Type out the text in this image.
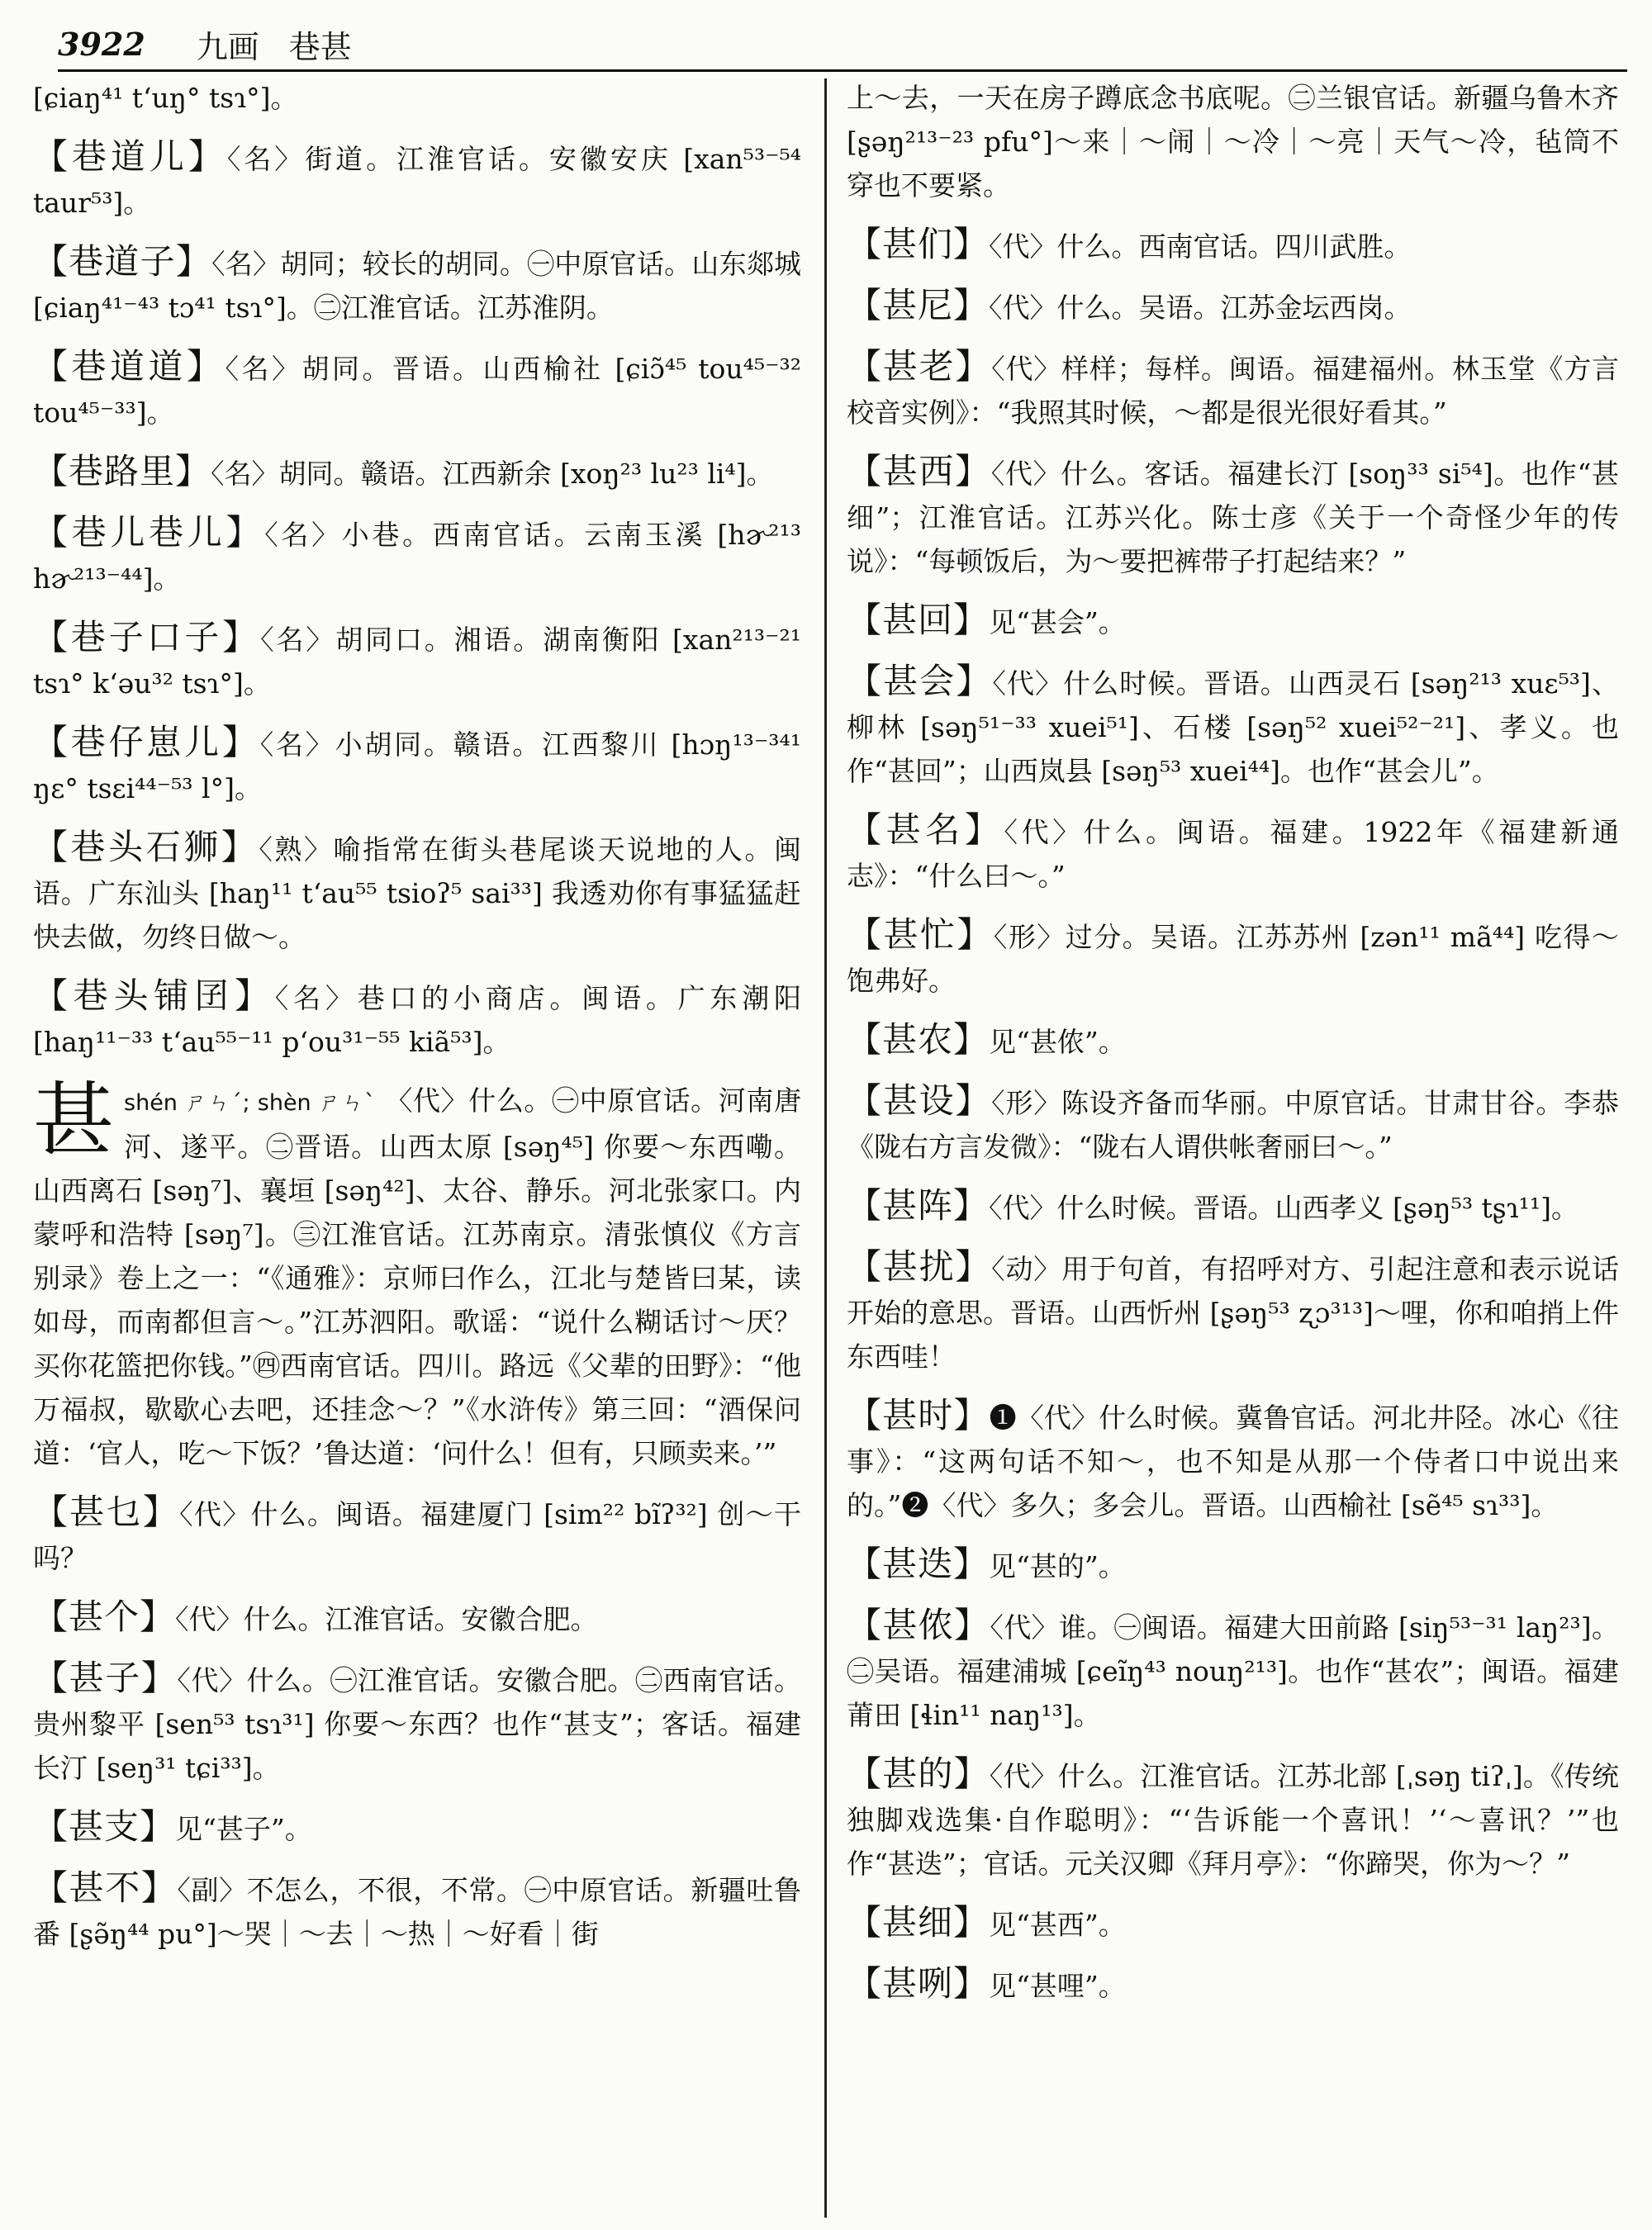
3922 九画 巷甚

[ɕiaŋ⁴¹ t‘uŋ° tsɿ°]。

【巷道儿】〈名〉街道。江淮官话。安徽安庆 [xan⁵³⁻⁵⁴ taur⁵³]。

【巷道子】〈名〉胡同；较长的胡同。㊀中原官话。山东郯城 [ɕiaŋ⁴¹⁻⁴³ tɔ⁴¹ tsɿ°]。㊁江淮官话。江苏淮阴。

【巷道道】〈名〉胡同。晋语。山西榆社 [ɕiɔ̃⁴⁵ tou⁴⁵⁻³² tou⁴⁵⁻³³]。

【巷路里】〈名〉胡同。赣语。江西新余 [xoŋ²³ lu²³ li⁴]。

【巷儿巷儿】〈名〉小巷。西南官话。云南玉溪 [hɚ²¹³ hɚ²¹³⁻⁴⁴]。

【巷子口子】〈名〉胡同口。湘语。湖南衡阳 [xan²¹³⁻²¹ tsɿ° k‘əu³² tsɿ°]。

【巷仔崽儿】〈名〉小胡同。赣语。江西黎川 [hɔŋ¹³⁻³⁴¹ ŋɛ° tsɛi⁴⁴⁻⁵³ l°]。

【巷头石狮】〈熟〉喻指常在街头巷尾谈天说地的人。闽语。广东汕头 [haŋ¹¹ t‘au⁵⁵ tsioʔ⁵ sai³³] 我透劝你有事猛猛赶快去做，勿终日做～。

【巷头铺囝】〈名〉巷口的小商店。闽语。广东潮阳 [haŋ¹¹⁻³³ t‘au⁵⁵⁻¹¹ p‘ou³¹⁻⁵⁵ kiã⁵³]。

甚shén ㄕㄣˊ; shèn ㄕㄣˋ 〈代〉什么。㊀中原官话。河南唐河、遂平。㊁晋语。山西太原 [səŋ⁴⁵] 你要～东西嘞。山西离石 [səŋ⁷]、襄垣 [səŋ⁴²]、太谷、静乐。河北张家口。内蒙呼和浩特 [səŋ⁷]。㊂江淮官话。江苏南京。清张慎仪《方言别录》卷上之一：“《通雅》：京师曰作么，江北与楚皆曰某，读如母，而南都但言～。”江苏泗阳。歌谣：“说什么糊话讨～厌？买你花篮把你钱。”㊃西南官话。四川。路远《父辈的田野》：“他万福叔，歇歇心去吧，还挂念～？”《水浒传》第三回：“酒保问道：‘官人，吃～下饭？’鲁达道：‘问什么！但有，只顾卖来。’”

【甚乜】〈代〉什么。闽语。福建厦门 [sim²² bĩʔ³²] 创～干吗？

【甚个】〈代〉什么。江淮官话。安徽合肥。

【甚子】〈代〉什么。㊀江淮官话。安徽合肥。㊁西南官话。贵州黎平 [sen⁵³ tsɿ³¹] 你要～东西？也作“甚支”；客话。福建长汀 [seŋ³¹ tɕi³³]。

【甚支】见“甚子”。

【甚不】〈副〉不怎么，不很，不常。㊀中原官话。新疆吐鲁番 [ʂə̃ŋ⁴⁴ pu°]～哭｜～去｜～热｜～好看｜街

上～去，一天在房子蹲底念书底呢。㊁兰银官话。新疆乌鲁木齐 [ʂəŋ²¹³⁻²³ pfu°]～来｜～闹｜～冷｜～亮｜天气～冷，毡筒不穿也不要紧。

【甚们】〈代〉什么。西南官话。四川武胜。

【甚尼】〈代〉什么。吴语。江苏金坛西岗。

【甚老】〈代〉样样；每样。闽语。福建福州。林玉堂《方言校音实例》：“我照其时候，～都是很光很好看其。”

【甚西】〈代〉什么。客话。福建长汀 [soŋ³³ si⁵⁴]。也作“甚细”；江淮官话。江苏兴化。陈士彦《关于一个奇怪少年的传说》：“每顿饭后，为～要把裤带子打起结来？”

【甚回】见“甚会”。

【甚会】〈代〉什么时候。晋语。山西灵石 [səŋ²¹³ xuɛ⁵³]、柳林 [səŋ⁵¹⁻³³ xuei⁵¹]、石楼 [səŋ⁵² xuei⁵²⁻²¹]、孝义。也作“甚回”；山西岚县 [səŋ⁵³ xuei⁴⁴]。也作“甚会儿”。

【甚名】〈代〉什么。闽语。福建。1922年《福建新通志》：“什么曰～。”

【甚忙】〈形〉过分。吴语。江苏苏州 [zən¹¹ mã⁴⁴] 吃得～饱弗好。

【甚农】见“甚侬”。

【甚设】〈形〉陈设齐备而华丽。中原官话。甘肃甘谷。李恭《陇右方言发微》：“陇右人谓供帐奢丽曰～。”

【甚阵】〈代〉什么时候。晋语。山西孝义 [ʂəŋ⁵³ tʂɿ¹¹]。

【甚扰】〈动〉用于句首，有招呼对方、引起注意和表示说话开始的意思。晋语。山西忻州 [ʂəŋ⁵³ ʐɔ³¹³]～哩，你和咱捎上件东西哇！

【甚时】❶〈代〉什么时候。冀鲁官话。河北井陉。冰心《往事》：“这两句话不知～，也不知是从那一个侍者口中说出来的。”❷〈代〉多久；多会儿。晋语。山西榆社 [sẽ⁴⁵ sɿ³³]。

【甚迭】见“甚的”。

【甚侬】〈代〉谁。㊀闽语。福建大田前路 [siŋ⁵³⁻³¹ laŋ²³]。㊁吴语。福建浦城 [ɕeĩŋ⁴³ nouŋ²¹³]。也作“甚农”；闽语。福建莆田 [ɬin¹¹ naŋ¹³]。

【甚的】〈代〉什么。江淮官话。江苏北部 [ˌsəŋ tiʔˌ]。《传统独脚戏选集·自作聪明》：“‘告诉能一个喜讯！’‘～喜讯？’”也作“甚迭”；官话。元关汉卿《拜月亭》：“你蹄哭，你为～？”

【甚细】见“甚西”。

【甚咧】见“甚哩”。
